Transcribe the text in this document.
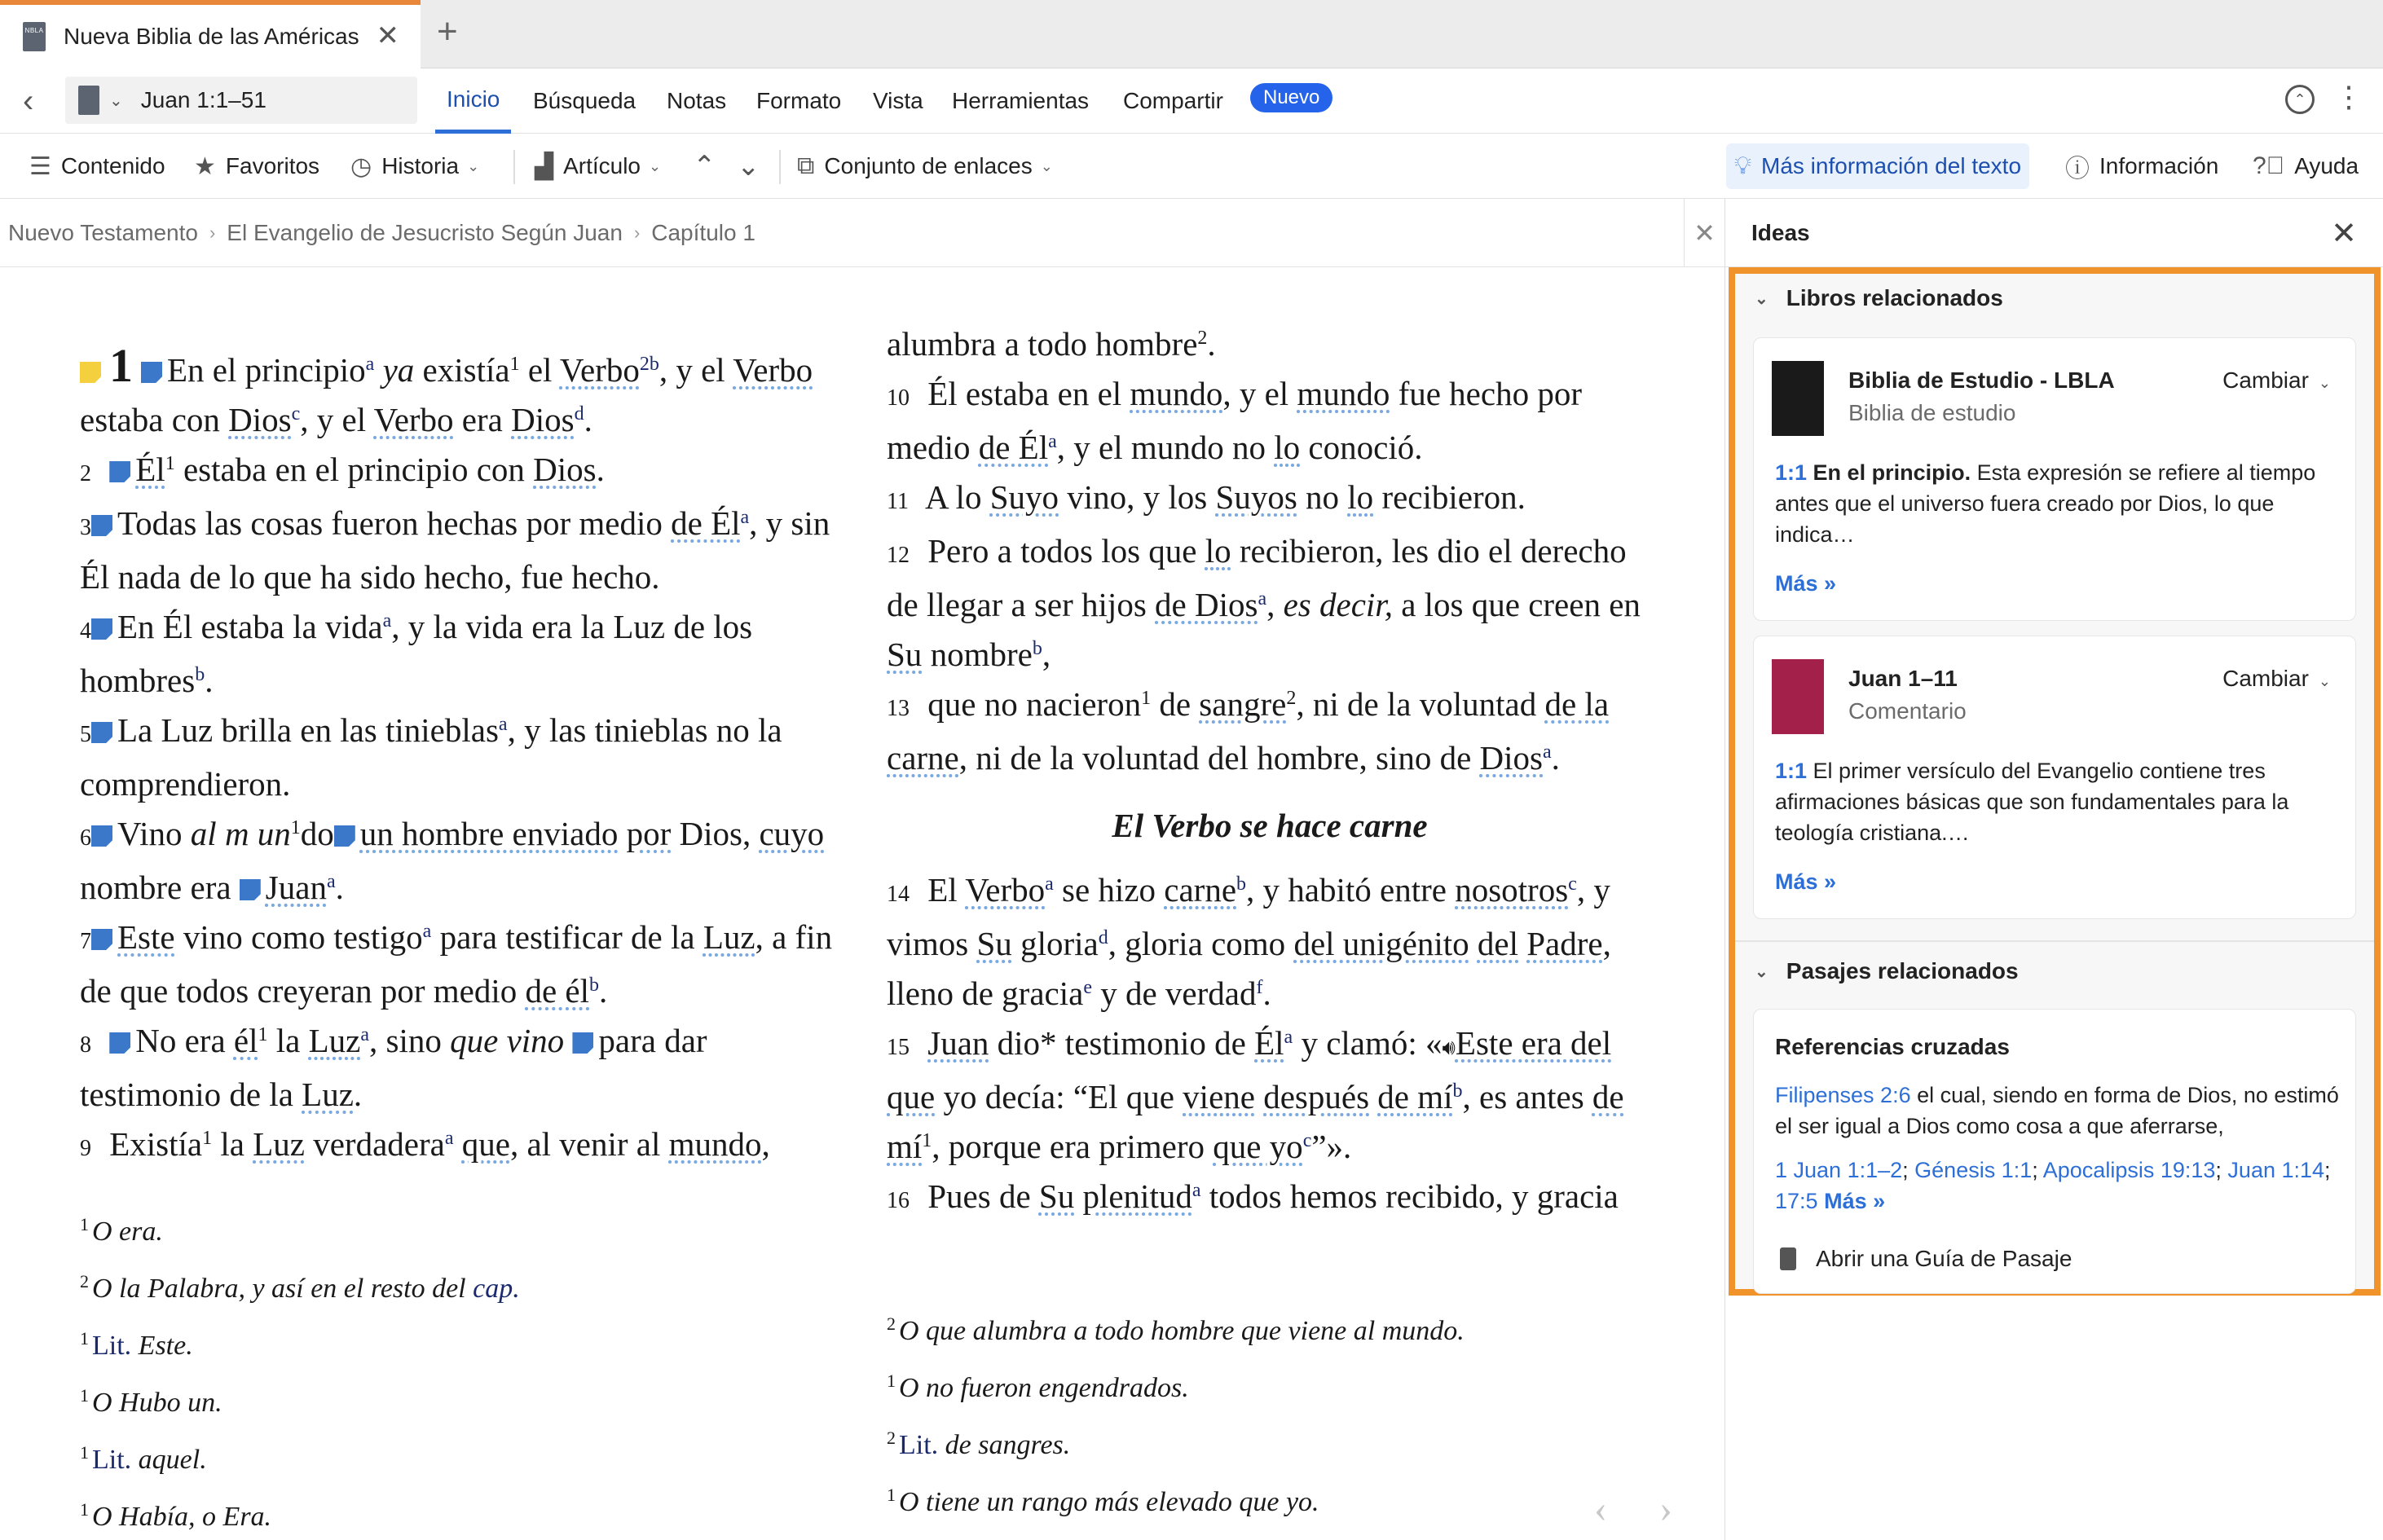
NBLA Nueva Biblia de las Américas ✕ +
‹	⌄ Juan 1:1–51	Inicio	Búsqueda Notas Formato Vista Herramientas Compartir	Nuevo	⌃ ⋮
☰ Contenido ★ Favoritos ◷ Historia ⌄ ▟ Artículo ⌄ ⌃ ⌄ ⧉ Conjunto de enlaces ⌄	💡︎ Más información del texto ⓘ Información ?⃝ Ayuda
Nuevo Testamento › El Evangelio de Jesucristo Según Juan › Capítulo 1	✕

1 En el principio$^a$ ya existía$^1$ el Verbo$^{2b}$, y el Verbo estaba con Dios$^c$, y el Verbo era Dios$^d$.

2 $Él^1$ estaba en el principio con Dios.

3 Todas las cosas fueron hechas por medio de $Él^a$, y sin Él nada de lo que ha sido hecho, fue hecho.

4 En Él estaba la vida$^a$, y la vida era la Luz de los hombres$^b$.

5 La Luz brilla en las tinieblas$^a$, y las tinieblas no la comprendieron.

6 Vino al m $un^1do$ un hombre enviado por Dios, cuyo nombre era Juan$^a$.

7 Este vino como testigo$^a$ para testificar de la Luz, a fin de que todos creyeran por medio de $él^b$.

8 No era $él^1$ la Luz$^a$, sino que vino para dar testimonio de la Luz.

9 Existía$^1$ la Luz verdadera$^a$ que, al venir al mundo,

alumbra a todo hombre$^2$.

10 Él estaba en el mundo, y el mundo fue hecho por medio de $Él^a$, y el mundo no lo conoció.

11 A lo Suyo vino, y los Suyos no lo recibieron.

12 Pero a todos los que lo recibieron, les dio el derecho de llegar a ser hijos de Dios$^a$, es decir, a los que creen en Su nombre$^b$,

13 que no nacieron$^1$ de sangre$^2$, ni de la voluntad de la carne, ni de la voluntad del hombre, sino de Dios$^a$.

El Verbo se hace carne

14 El Verbo$^a$ se hizo carne$^b$, y habitó entre nosotros$^c$, y vimos Su gloria$^d$, gloria como del unigénito del Padre, lleno de gracia$^e$ y de verdad$^f$.

15 Juan dio* testimonio de $Él^a$ y clamó: «🔊︎Este era del que yo decía: “El que viene después de $mí^b$, es antes de $mí^1$, porque era primero que $yo^c$”».

16 Pues de Su plenitud$^a$ todos hemos recibido, y gracia

$^1$ O era.
$^2$ O la Palabra, y así en el resto del cap.
$^1$ Lit. Este.
$^1$ O Hubo un.
$^1$ Lit. aquel.
$^1$ O Había, o Era.
$^2$ O que alumbra a todo hombre que viene al mundo.
$^1$ O no fueron engendrados.
$^2$ Lit. de sangres.
$^1$ O tiene un rango más elevado que yo.	‹ ›
Ideas	✕
⌄ Libros relacionados
Biblia de Estudio - LBLA
Biblia de estudio
Cambiar ⌄
1:1 En el principio. Esta expresión se refiere al tiempo antes que el universo fuera creado por Dios, lo que indica…
Más »
Juan 1–11
Comentario
Cambiar ⌄
1:1 El primer versículo del Evangelio contiene tres afirmaciones básicas que son fundamentales para la teología cristiana.…
Más »
⌄ Pasajes relacionados
Referencias cruzadas
Filipenses 2:6 el cual, siendo en forma de Dios, no estimó el ser igual a Dios como cosa a que aferrarse,
1 Juan 1:1–2; Génesis 1:1; Apocalipsis 19:13; Juan 1:14; 17:5 Más »
Abrir una Guía de Pasaje
